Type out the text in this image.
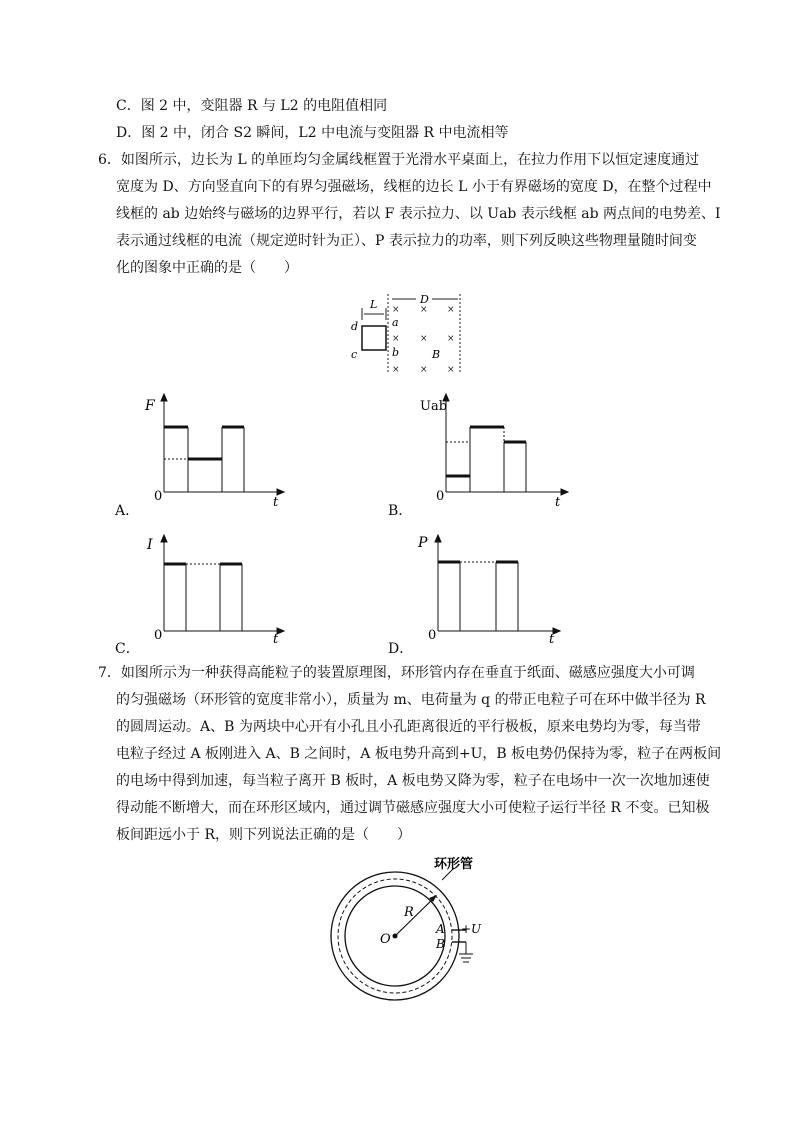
C．图 2 中，变阻器 R 与 L2 的电阻值相同
D．图 2 中，闭合 S2 瞬间，L2 中电流与变阻器 R 中电流相等
6．如图所示，边长为 L 的单匝均匀金属线框置于光滑水平桌面上，在拉力作用下以恒定速度通过
宽度为 D、方向竖直向下的有界匀强磁场，线框的边长 L 小于有界磁场的宽度 D，在整个过程中
线框的 ab 边始终与磁场的边界平行，若以 F 表示拉力、以 Uab 表示线框 ab 两点间的电势差、I
表示通过线框的电流（规定逆时针为正）、P 表示拉力的功率，则下列反映这些物理量随时间变
化的图象中正确的是（　　）
L	D
d
c
a
b	B
× × ×
× ×
×
× × ×
F
0	t
A．
Uab
0	t
B．
I
0	t
C．
P
0	t
D．
7．如图所示为一种获得高能粒子的装置原理图，环形管内存在垂直于纸面、磁感应强度大小可调
的匀强磁场（环形管的宽度非常小），质量为 m、电荷量为 q 的带正电粒子可在环中做半径为 R
的圆周运动。A、B 为两块中心开有小孔且小孔距离很近的平行极板，原来电势均为零，每当带
电粒子经过 A 板刚进入 A、B 之间时，A 板电势升高到+U，B 板电势仍保持为零，粒子在两板间
的电场中得到加速，每当粒子离开 B 板时，A 板电势又降为零，粒子在电场中一次一次地加速使
得动能不断增大，而在环形区域内，通过调节磁感应强度大小可使粒子运行半径 R 不变。已知极
板间距远小于 R，则下列说法正确的是（　　）
环形管
R
O
A
B
+U
